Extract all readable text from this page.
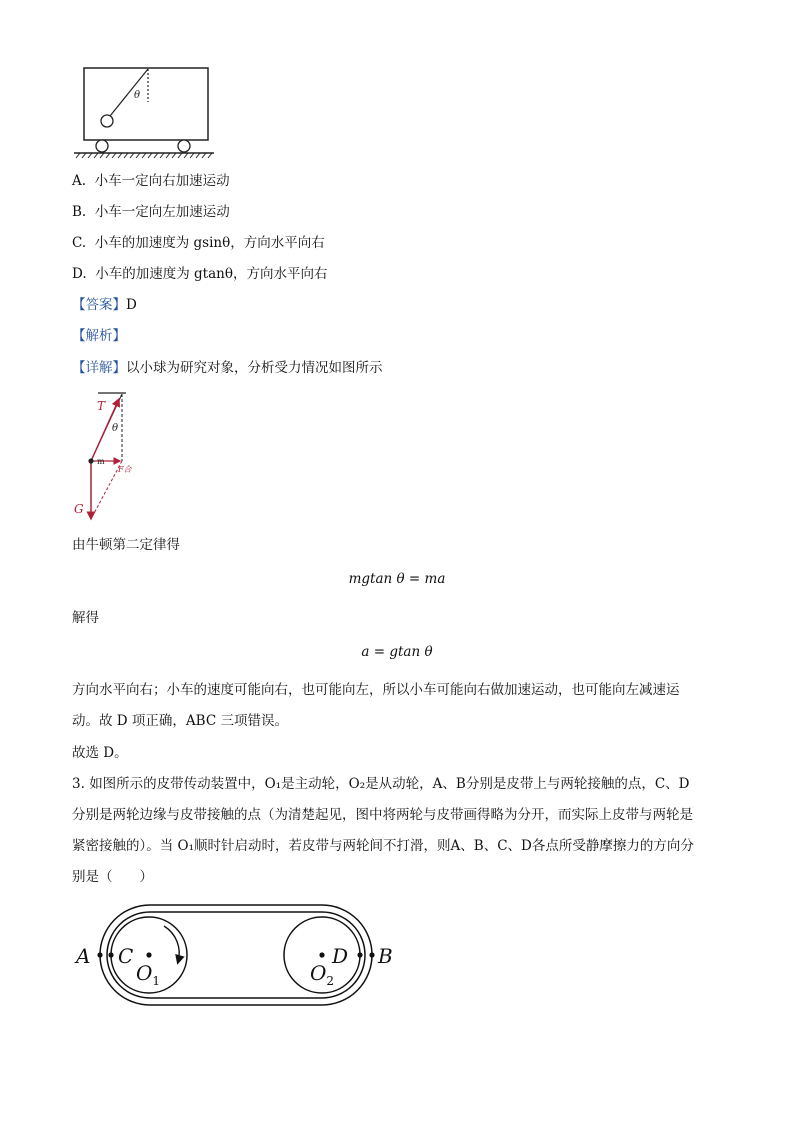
θ
A. 小车一定向右加速运动
B. 小车一定向左加速运动
C. 小车的加速度为 gsinθ，方向水平向右
D. 小车的加速度为 gtanθ，方向水平向右
【答案】D
【解析】
【详解】以小球为研究对象，分析受力情况如图所示
T
θ
m
F合
G
由牛顿第二定律得
mgtan θ = ma
解得
a = gtan θ
方向水平向右；小车的速度可能向右，也可能向左，所以小车可能向右做加速运动，也可能向左减速运
动。故 D 项正确，ABC 三项错误。
故选 D。
3. 如图所示的皮带传动装置中，O₁是主动轮，O₂是从动轮，A、B分别是皮带上与两轮接触的点，C、D
分别是两轮边缘与皮带接触的点（为清楚起见，图中将两轮与皮带画得略为分开，而实际上皮带与两轮是
紧密接触的）。当 O₁顺时针启动时，若皮带与两轮间不打滑，则A、B、C、D各点所受静摩擦力的方向分
别是（　　）
A C
$O_1$	$O_2$
D B
